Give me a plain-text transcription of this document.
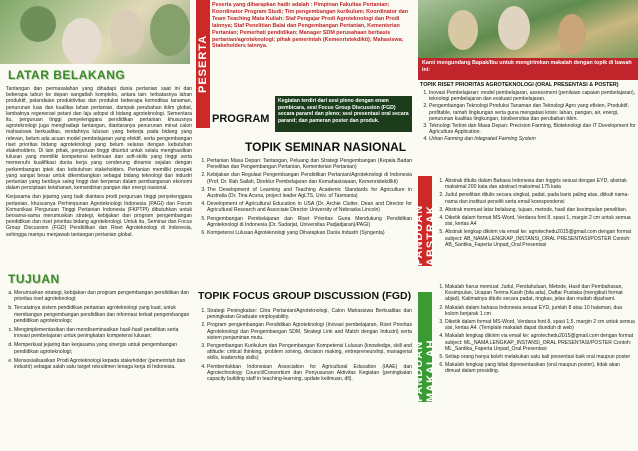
LATAR BELAKANG

Tantangan dan permasalahan yang dihadapi dunia pertanian saat ini dan beberapa tahun ke depan sangatlah kompleks, antara lain: terbatasnya lahan produktif, pelandaian produktivitas dan produksi beberapa komoditas tanaman, penurunan luas dan kualitas lahan pertanian, dampak perubahan iklim global, lambatnya regenerasi petani dan laju adopsi di bidang agroteknologi. Sementara itu, perguruan tinggi penyelenggara pendidikan pertanian khususnya agroteknologi juga menghadapi tantangan, diantaranya penurunan minat calon mahasiswa berkualitas, rendahnya lulusan yang bekerja pada bidang yang relevan, belum ada acuan model pembelajaran yang efektif, serta pengembangan riset prioritas bidang agroteknologi yang belum selaras dengan kebutuhan stakeholders. Di lain pihak, perguruan tinggi dituntut untuk selalu menghasilkan lulusan yang memiliki kompetensi keilmuan dan soft-skills yang tinggi serta memenuhi kualifikasi dunia kerja yang cenderung dinamis sejalan dengan perkembangan iptek dan kebutuhan stakeholders. Pertanian memiliki prospek yang sangat besar untuk dikembangkan sebagai bidang teknologi dan industri pertanian yang berdaya saing tinggi dan berperan dalam pembangunan ekonomi dalam penciptaan ketahanan, kemandirian pangan dan energi nasional.

Kerjasama dan jejaring yang baik diantara prodi perguruan tinggi penyelenggara pertanian, khususnya Perhimpunan Agroteknologi Indonesia (PAGI) dan Forum Komunikasi Perguruan Tinggi Pertanian Indonesia (FKPTPI) dibutuhkan untuk bersama-sama merumuskan strategi, kebijakan dan program pengembangan pendidikan dan riset prioritas bidang agroteknologi. Untuk itu, Seminar dan Focus Group Discussion (FGD) Pendidikan dan Riset Agroteknologi di Indonesia, sehingga mampu menjawab tantangan pertanian global.

TUJUAN
a. Merumuskan strategi, kebijakan dan program pengembangan pendidikan dan prioritas riset agroteknologi;
b. Tercatatnya sistem pendidikan pertanian agroteknologi yang kuat, untuk membangun pengembangan pendidikan dan informasi terkait pengembangan pendidikan agroteknologi;
c. Mengimplementasikan dan mendiseminasikan hasil-hasil penelitian serta inovasi pembelajaran untuk peningkatan kompetensi lulusan;
d. Memperkuat jejaring dan kerjasama yang sinergis untuk pengembangan pendidikan agroteknologi;
e. Mensosialisasikan Prodi Agroteknologi kepada stakeholder (pemerintah dan industri) sebagai salah satu target rekruitmen tenaga kerja di Indonesia.
PESERTA
Peserta yang diharapkan hadir adalah : Pimpinan Fakultas Pertanian; Koordinator Program Studi; Tim pengembangan kurikulum; Koordinator dan Team Teaching Mata Kuliah; Staf Pengajar Prodi Agroteknologi dan Prodi lainnya; Staf Penelitian Balai dan Pengembangan Pertanian, Kementerian Pertanian; Pemerhati pendidikan; Manager SDM perusahaan berbasis pertanian/agroteknologi; pihak pemerintah (Kemenristekdikti); Mahasiswa; Stakeholders lainnya.
PROGRAM

Kegiatan terdiri dari sesi pleno dengan enam pembicara, sesi Focus Group Discussion (FGD) secara pararel dan pleno; sesi presentasi oral secara pararel; dan pameran poster dan produk.

TOPIK SEMINAR NASIONAL
1. Pertanian Masa Depan: Tantangan, Peluang dan Strategi Pengembangan (Kepala Badan Penelitian dan Pengembangan Pertanian, Kementerian Pertanian)
2. Kebijakan dan Regulasi Pengembangan Pendidikan Pertanian/Agroteknologi di Indonesia (Prof. Dr. Illah Sailah, Direktur Pembelajaran dan Kemahasiswaan, Kemenristekdikti)
3. The Development of Learning and Teaching Academic Standards for Agriculture in Australia (Dr. Tina Acuna, project leader AgLTS, Univ. of Tasmania)
4. Development of Agricultural Education in USA (Dr. Archie Clutter, Dean and Director for Agricultural Research and Associate Director University of Nebraska Lincoln)
5. Pengembangan Pembelajaran dan Riset Prioritas Guna Mendukung Pendidikan Agroteknologi di Indonesia (Dr. Sudarjat, Universitas Padjadjaran)/PAGI)
6. Kompetensi Lulusan Agroteknologi yang Diharapkan Dunia Industri (Syngenta)
TOPIK FOCUS GROUP DISCUSSION (FGD)
1. Strategi Peningkatan: Citra Pertanian/Agroteknologi, Calon Mahasiswa Berkualitas dan peningkatan Graduate employability.
2. Program pengembangan Pendidikan Agroteknologi (Inovasi pembelajaran, Riset Prioritas Agroteknologi dan Pengembangan SDM, Strategi Link and Match dengan Industri) serta sistem penjaminan mutu.
3. Pengembangan Kurikulum dan Pengembangan Kompetensi Lulusan (knowledge, skill and attitude: critical thinking, problem solving, decision making, entrepreneurship, managerial skills, leadership skills)
4. Pembentukkan Indonesian Association for Agricultural Education (IAAE) dan Agrotechnology Council/Consortium dan Penyusunan Aktivitas Kegiatan (peningkatan capacity building staff in teaching-learning, update keilmuan, dll).

Kami mengundang Bapak/Ibu untuk mengirimkan makalah dengan topik di bawah ini:

TOPIK RISET PRIORITAS AGROTEKNOLOGI (ORAL PRESENTASI & POSTER)
1. Inovasi Pembelajaran: model pembelajaran, assessment (penilaian capaian pembelajaran), teknologi pembelajaran dan evaluasi pembelajaran.
2. Pengembangan Teknologi Produksi Tanaman dan Teknologi Agro yang efisien, Produktif, profitable, ramah lingkungan serta guna mengatasi krisis: lahan, pangan, air, energi, penurunan kualitas lingkungan, biodiversitas dan perubahan iklim.
3. Teknologi Terkini dan Masa Depan: Precision Farming, Bioteknologi dan IT Development for Agriculture Application.
4. Urban Farming dan Integrated Farming System
PANDUAN ABSTRAK
1. Abstrak ditulis dalam Bahasa Indonesia dan Inggris sesuai dengan EYD, abstrak maksimal 200 kata dan abstract maksimal 175 kata
2. Judul penelitian ditulis secara singkat, padat, pada baris paling atas, diikuti nama-nama dan institusi peneliti serta email korespondensi
3. Abstrak memuat latar belakang, tujuan, metode, hasil dan kesimpulan penelitian.
4. Diketik dalam format MS-Word, Verdana font 8, spasi 1, margin 2 cm untuk semua sisi, kertas A4
5. Abstrak lengkap dikirim via email ke: agrotechedu2015@gmail.com dengan format subject: AB_NAMA LENGKAP_INSTANSI_ORAL PRESENTASI/POSTER Contoh: AB_Santika_Faperta Unpad_Oral Presentasi
PANDUAN MAKALAH
1. Makalah harus memuat: Judul, Pendahuluan, Metode, Hasil dan Pembahasan, Kesimpulan, Ucapan Terima Kasih (bila ada), Daftar Pustaka (mengikuti format abjad). Kalimatnya ditulis secara padat, ringkas, jelas dan mudah dipahami.
2. Makalah dalam bahasa Indonesia sesuai EYD, jumlah 8 atau 10 halaman, dua kolom berjarak 1 cm
3. Diketik dalam format MS-Word, Verdana font 8, spasi 1,5, margin 2 cm untuk semua sisi, kertas A4. (Template makalah dapat diunduh di web)
4. Makalah lengkap dikirim via email ke: agrotechedu2015@gmail.com dengan format subject: ML_NAMA LENGKAP_INSTANSI_ORAL PRESENTASI/POSTER Contoh: ML_Santika_Faperta Unpad_Oral Presentasi
5. Setiap orang hanya boleh melakukan satu kali presentasi baik oral maupun poster
6. Makalah lengkap yang tidak dipresentasikan (oral maupun poster), tidak akan dimuat dalam prosiding.
